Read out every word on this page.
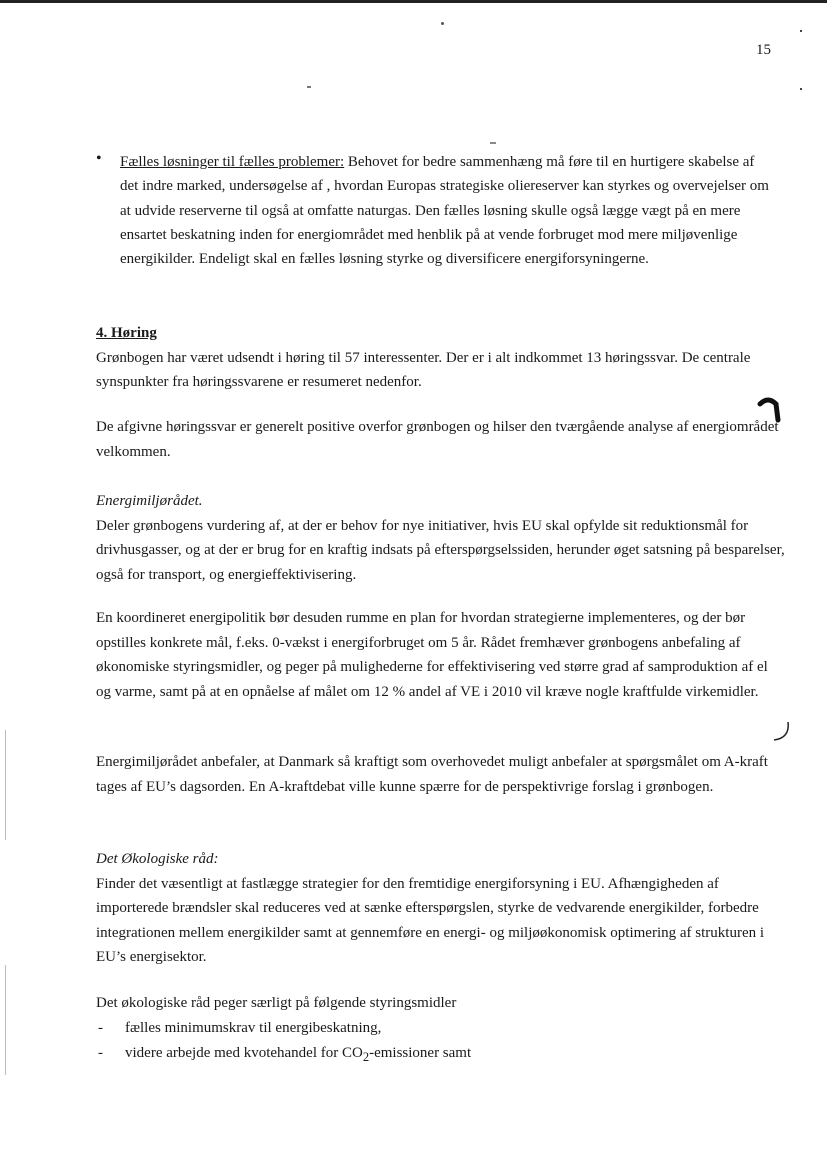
15
• Fælles løsninger til fælles problemer: Behovet for bedre sammenhæng må føre til en hurtigere skabelse af det indre marked, undersøgelse af , hvordan Europas strategiske oliereserver kan styrkes og overvejelser om at udvide reserverne til også at omfatte naturgas. Den fælles løsning skulle også lægge vægt på en mere ensartet beskatning inden for energiområdet med henblik på at vende forbruget mod mere miljøvenlige energikilder. Endeligt skal en fælles løsning styrke og diversificere energiforsyningerne.
4. Høring
Grønbogen har været udsendt i høring til 57 interessenter. Der er i alt indkommet 13 høringssvar. De centrale synspunkter fra høringssvarene er resumeret nedenfor.

De afgivne høringssvar er generelt positive overfor grønbogen og hilser den tværgående analyse af energiområdet velkommen.

Energimiljørådet.
Deler grønbogens vurdering af, at der er behov for nye initiativer, hvis EU skal opfylde sit reduktionsmål for drivhusgasser, og at der er brug for en kraftig indsats på efterspørgselssiden, herunder øget satsning på besparelser, også for transport, og energieffektivisering.

En koordineret energipolitik bør desuden rumme en plan for hvordan strategierne implementeres, og der bør opstilles konkrete mål, f.eks. 0-vækst i energiforbruget om 5 år. Rådet fremhæver grønbogens anbefaling af økonomiske styringsmidler, og peger på mulighederne for effektivisering ved større grad af samproduktion af el og varme, samt på at en opnåelse af målet om 12 % andel af VE i 2010 vil kræve nogle kraftfulde virkemidler.

Energimiljørådet anbefaler, at Danmark så kraftigt som overhovedet muligt anbefaler at spørgsmålet om A-kraft tages af EU’s dagsorden. En A-kraftdebat ville kunne spærre for de perspektivrige forslag i grønbogen.

Det Økologiske råd:
Finder det væsentligt at fastlægge strategier for den fremtidige energiforsyning i EU. Afhængigheden af importerede brændsler skal reduceres ved at sænke efterspørgslen, styrke de vedvarende energikilder, forbedre integrationen mellem energikilder samt at gennemføre en energi- og miljøøkonomisk optimering af strukturen i EU’s energisektor.

Det økologiske råd peger særligt på følgende styringsmidler

- fælles minimumskrav til energibeskatning,
- videre arbejde med kvotehandel for $CO_2$-emissioner samt
